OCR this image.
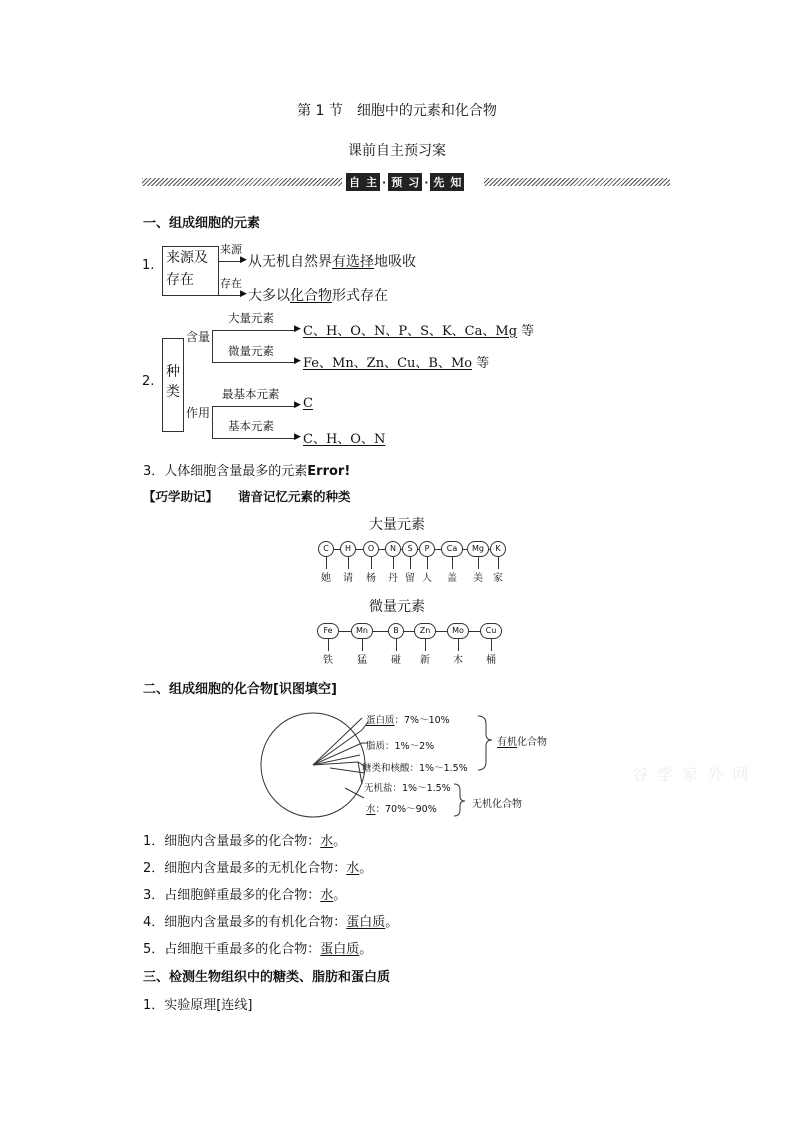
第 1 节　细胞中的元素和化合物
课前自主预习案
自 主 · 预 习 · 先 知
一、组成细胞的元素
1. 来源及
存在
来源
▶ 从无机自然界有选择地吸收
存在
▶ 大多以化合物形式存在
2.
种
类
含量
大量元素
▶ C、H、O、N、P、S、K、Ca、Mg 等
微量元素
▶ Fe、Mn、Zn、Cu、B、Mo 等
作用
最基本元素
▶ C
基本元素
▶ C、H、O、N
3．人体细胞含量最多的元素Error!
【巧学助记】 谐音记忆元素的种类
大量元素
C
她
H
请
O
杨
N
丹
S
留
P
人
Ca
盖
Mg
美
K
家
微量元素
Fe
铁
Mn
猛
B
碰
Zn
新
Mo
木
Cu
桶
二、组成细胞的化合物[识图填空]
蛋白质：7%～10%
脂质：1%～2%
糖类和核酸：1%～1.5%
无机盐：1%～1.5%
水：70%～90%
有机化合物
无机化合物
谷 学 家 外 网
1．细胞内含量最多的化合物：水。
2．细胞内含量最多的无机化合物：水。
3．占细胞鲜重最多的化合物：水。
4．细胞内含量最多的有机化合物：蛋白质。
5．占细胞干重最多的化合物：蛋白质。
三、检测生物组织中的糖类、脂肪和蛋白质
1．实验原理[连线]
